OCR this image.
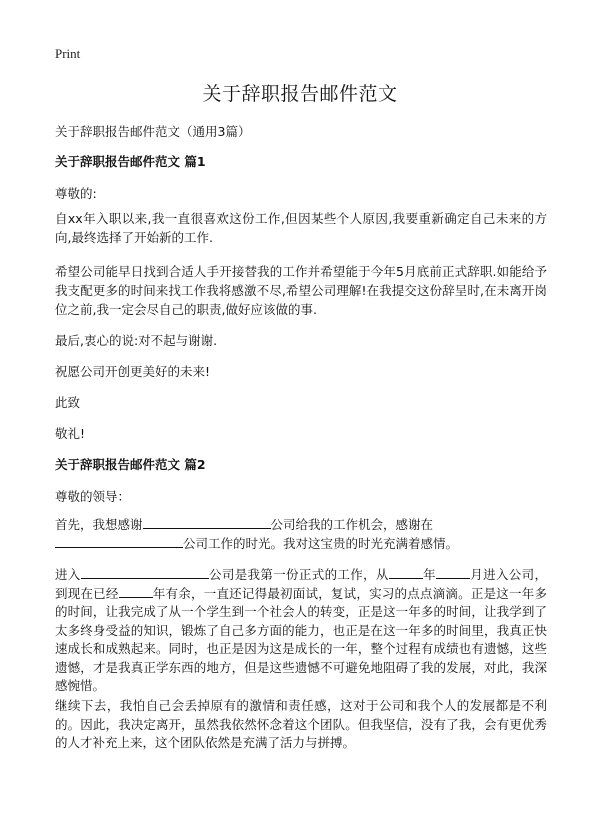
Print
关于辞职报告邮件范文
关于辞职报告邮件范文（通用3篇）
关于辞职报告邮件范文 篇1
尊敬的:

自xx年入职以来,我一直很喜欢这份工作,但因某些个人原因,我要重新确定自己未来的方向,最终选择了开始新的工作.

希望公司能早日找到合适人手开接替我的工作并希望能于今年5月底前正式辞职.如能给予我支配更多的时间来找工作我将感激不尽,希望公司理解!在我提交这份辞呈时,在未离开岗位之前,我一定会尽自己的职责,做好应该做的事.

最后,衷心的说:对不起与谢谢.
祝愿公司开创更美好的未来!
此致
敬礼!
关于辞职报告邮件范文 篇2
尊敬的领导：

首先，我想感谢	公司给我的工作机会，感谢在
公司工作的时光。我对这宝贵的时光充满着感情。

进入	公司是我第一份正式的工作，从	年	月进入公司，到现在已经	年有余，一直还记得最初面试，复试，实习的点点滴滴。正是这一年多的时间，让我完成了从一个学生到一个社会人的转变，正是这一年多的时间，让我学到了太多终身受益的知识，锻炼了自己多方面的能力，也正是在这一年多的时间里，我真正快速成长和成熟起来。同时，也正是因为这是成长的一年，整个过程有成绩也有遗憾，这些遗憾，才是我真正学东西的地方，但是这些遗憾不可避免地阻碍了我的发展，对此，我深感惋惜。

继续下去，我怕自己会丢掉原有的激情和责任感，这对于公司和我个人的发展都是不利的。因此，我决定离开，虽然我依然怀念着这个团队。但我坚信，没有了我，会有更优秀的人才补充上来，这个团队依然是充满了活力与拼搏。
